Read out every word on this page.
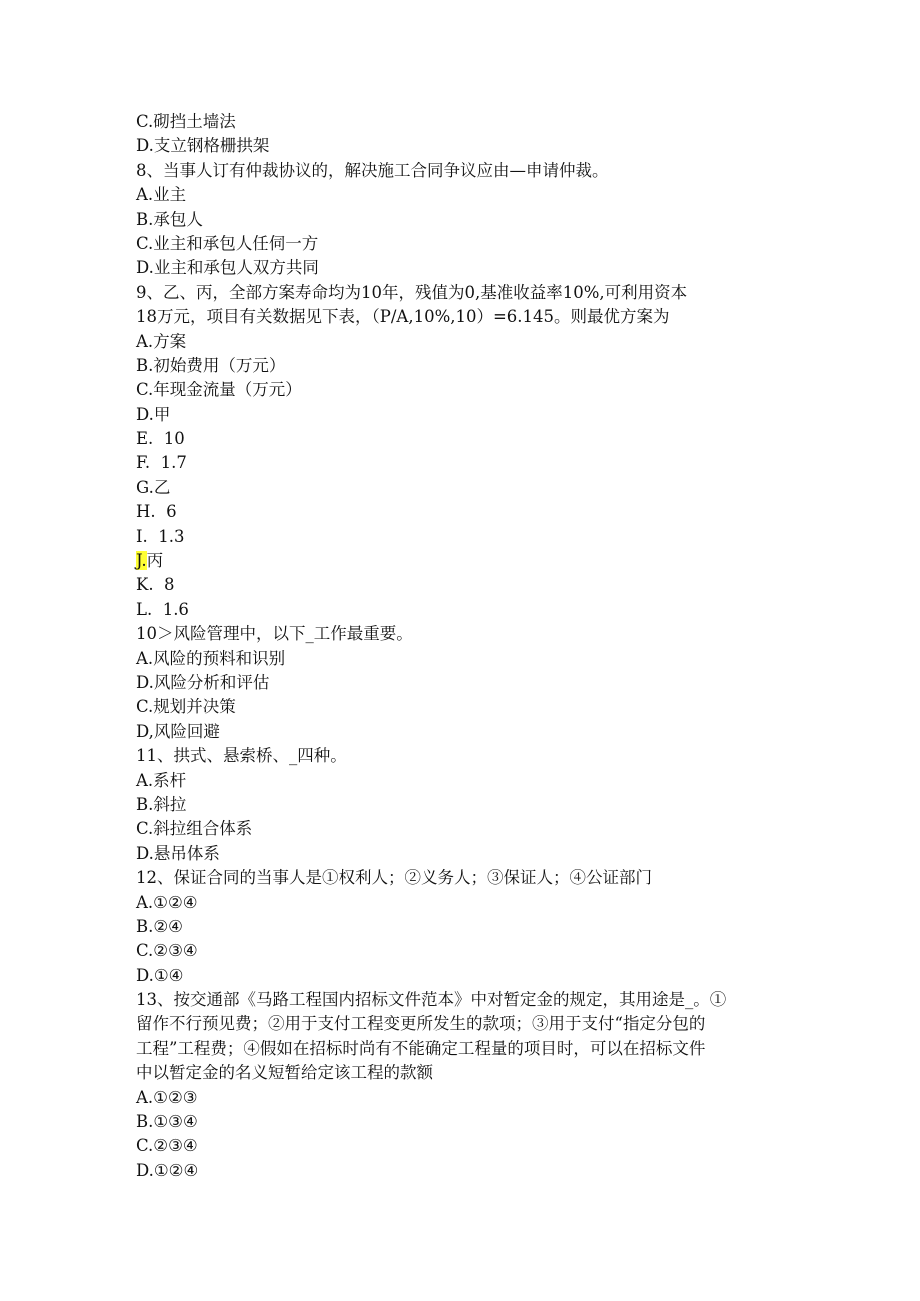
C.砌挡土墙法
D.支立钢格栅拱架
8、当事人订有仲裁协议的，解决施工合同争议应由—申请仲裁。
A.业主
B.承包人
C.业主和承包人任伺一方
D.业主和承包人双方共同
9、乙、丙，全部方案寿命均为10年，残值为0,基准收益率10%,可利用资本
18万元，项目有关数据见下表，（P/A,10%,10）=6.145。则最优方案为
A.方案
B.初始费用（万元）
C.年现金流量（万元）
D.甲
E.  10
F.  1.7
G.乙
H.  6
I.  1.3
J.丙
K.  8
L.  1.6
10＞风险管理中，以下_工作最重要。
A.风险的预料和识别
D.风险分析和评估
C.规划并决策
D,风险回避
11、拱式、悬索桥、_四种。
A.系杆
B.斜拉
C.斜拉组合体系
D.悬吊体系
12、保证合同的当事人是①权利人；②义务人；③保证人；④公证部门
A.①②④
B.②④
C.②③④
D.①④
13、按交通部《马路工程国内招标文件范本》中对暂定金的规定，其用途是_。①
留作不行预见费；②用于支付工程变更所发生的款项；③用于支付“指定分包的
工程”工程费；④假如在招标时尚有不能确定工程量的项目时，可以在招标文件
中以暂定金的名义短暂给定该工程的款额
A.①②③
B.①③④
C.②③④
D.①②④
